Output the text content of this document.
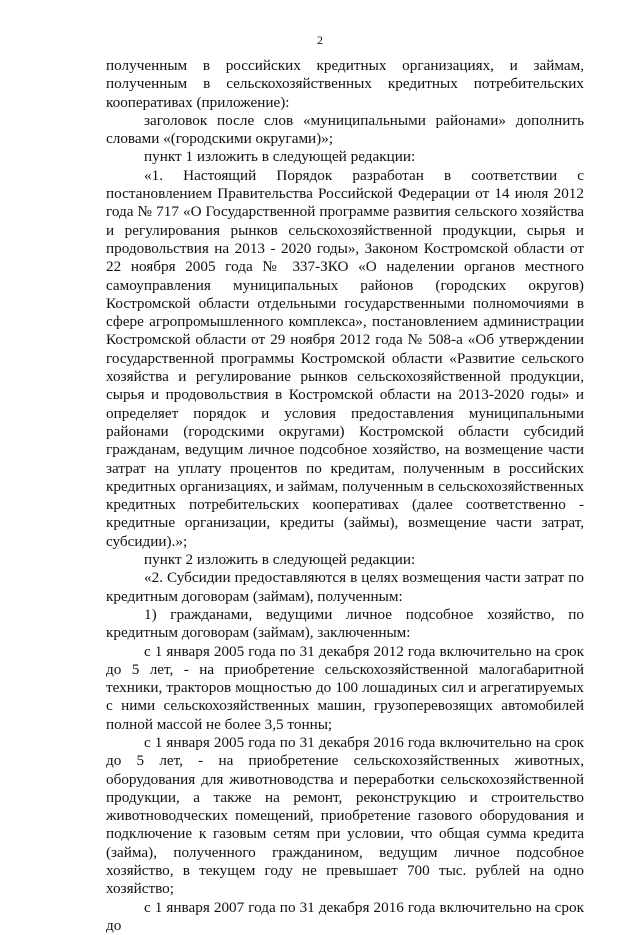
2

полученным в российских кредитных организациях, и займам, полученным в сельскохозяйственных кредитных потребительских кооперативах (приложение):

заголовок после слов «муниципальными районами» дополнить словами «(городскими округами)»;

пункт 1 изложить в следующей редакции:

«1. Настоящий Порядок разработан в соответствии с постановлением Правительства Российской Федерации от 14 июля 2012 года № 717 «О Государственной программе развития сельского хозяйства и регулирования рынков сельскохозяйственной продукции, сырья и продовольствия на 2013 - 2020 годы», Законом Костромской области от 22 ноября 2005 года № 337-ЗКО «О наделении органов местного самоуправления муниципальных районов (городских округов) Костромской области отдельными государственными полномочиями в сфере агропромышленного комплекса», постановлением администрации Костромской области от 29 ноября 2012 года № 508-а «Об утверждении государственной программы Костромской области «Развитие сельского хозяйства и регулирование рынков сельскохозяйственной продукции, сырья и продовольствия в Костромской области на 2013-2020 годы» и определяет порядок и условия предоставления муниципальными районами (городскими округами) Костромской области субсидий гражданам, ведущим личное подсобное хозяйство, на возмещение части затрат на уплату процентов по кредитам, полученным в российских кредитных организациях, и займам, полученным в сельскохозяйственных кредитных потребительских кооперативах (далее соответственно - кредитные организации, кредиты (займы), возмещение части затрат, субсидии).»;

пункт 2 изложить в следующей редакции:

«2. Субсидии предоставляются в целях возмещения части затрат по кредитным договорам (займам), полученным:

1) гражданами, ведущими личное подсобное хозяйство, по кредитным договорам (займам), заключенным:

с 1 января 2005 года по 31 декабря 2012 года включительно на срок до 5 лет, - на приобретение сельскохозяйственной малогабаритной техники, тракторов мощностью до 100 лошадиных сил и агрегатируемых с ними сельскохозяйственных машин, грузоперевозящих автомобилей полной массой не более 3,5 тонны;

с 1 января 2005 года по 31 декабря 2016 года включительно на срок до 5 лет, - на приобретение сельскохозяйственных животных, оборудования для животноводства и переработки сельскохозяйственной продукции, а также на ремонт, реконструкцию и строительство животноводческих помещений, приобретение газового оборудования и подключение к газовым сетям при условии, что общая сумма кредита (займа), полученного гражданином, ведущим личное подсобное хозяйство, в текущем году не превышает 700 тыс. рублей на одно хозяйство;

с 1 января 2007 года по 31 декабря 2016 года включительно на срок до
